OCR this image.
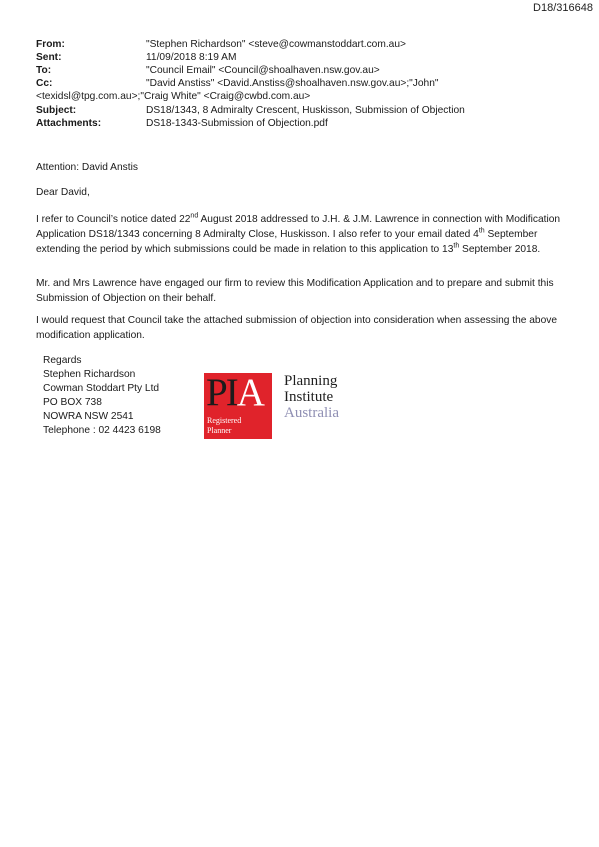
D18/316648
From:	"Stephen Richardson" <steve@cowmanstoddart.com.au>
Sent:	11/09/2018 8:19 AM
To:	"Council Email" <Council@shoalhaven.nsw.gov.au>
Cc:	"David Anstiss" <David.Anstiss@shoalhaven.nsw.gov.au>;"John"
<texidsl@tpg.com.au>;"Craig White" <Craig@cwbd.com.au>
Subject:	DS18/1343, 8 Admiralty Crescent, Huskisson, Submission of Objection
Attachments:	DS18-1343-Submission of Objection.pdf
Attention: David Anstis
Dear David,
I refer to Council’s notice dated 22nd August 2018 addressed to J.H. & J.M. Lawrence in connection with Modification
Application DS18/1343 concerning 8 Admiralty Close, Huskisson. I also refer to your email dated 4th September
extending the period by which submissions could be made in relation to this application to 13th September 2018.
Mr. and Mrs Lawrence have engaged our firm to review this Modification Application and to prepare and submit this
Submission of Objection on their behalf.
I would request that Council take the attached submission of objection into consideration when assessing the above
modification application.
Regards
Stephen Richardson
Cowman Stoddart Pty Ltd
PO BOX 738
NOWRA NSW 2541
Telephone : 02 4423 6198
PIA
Registered
Planner
Planning
Institute
Australia
